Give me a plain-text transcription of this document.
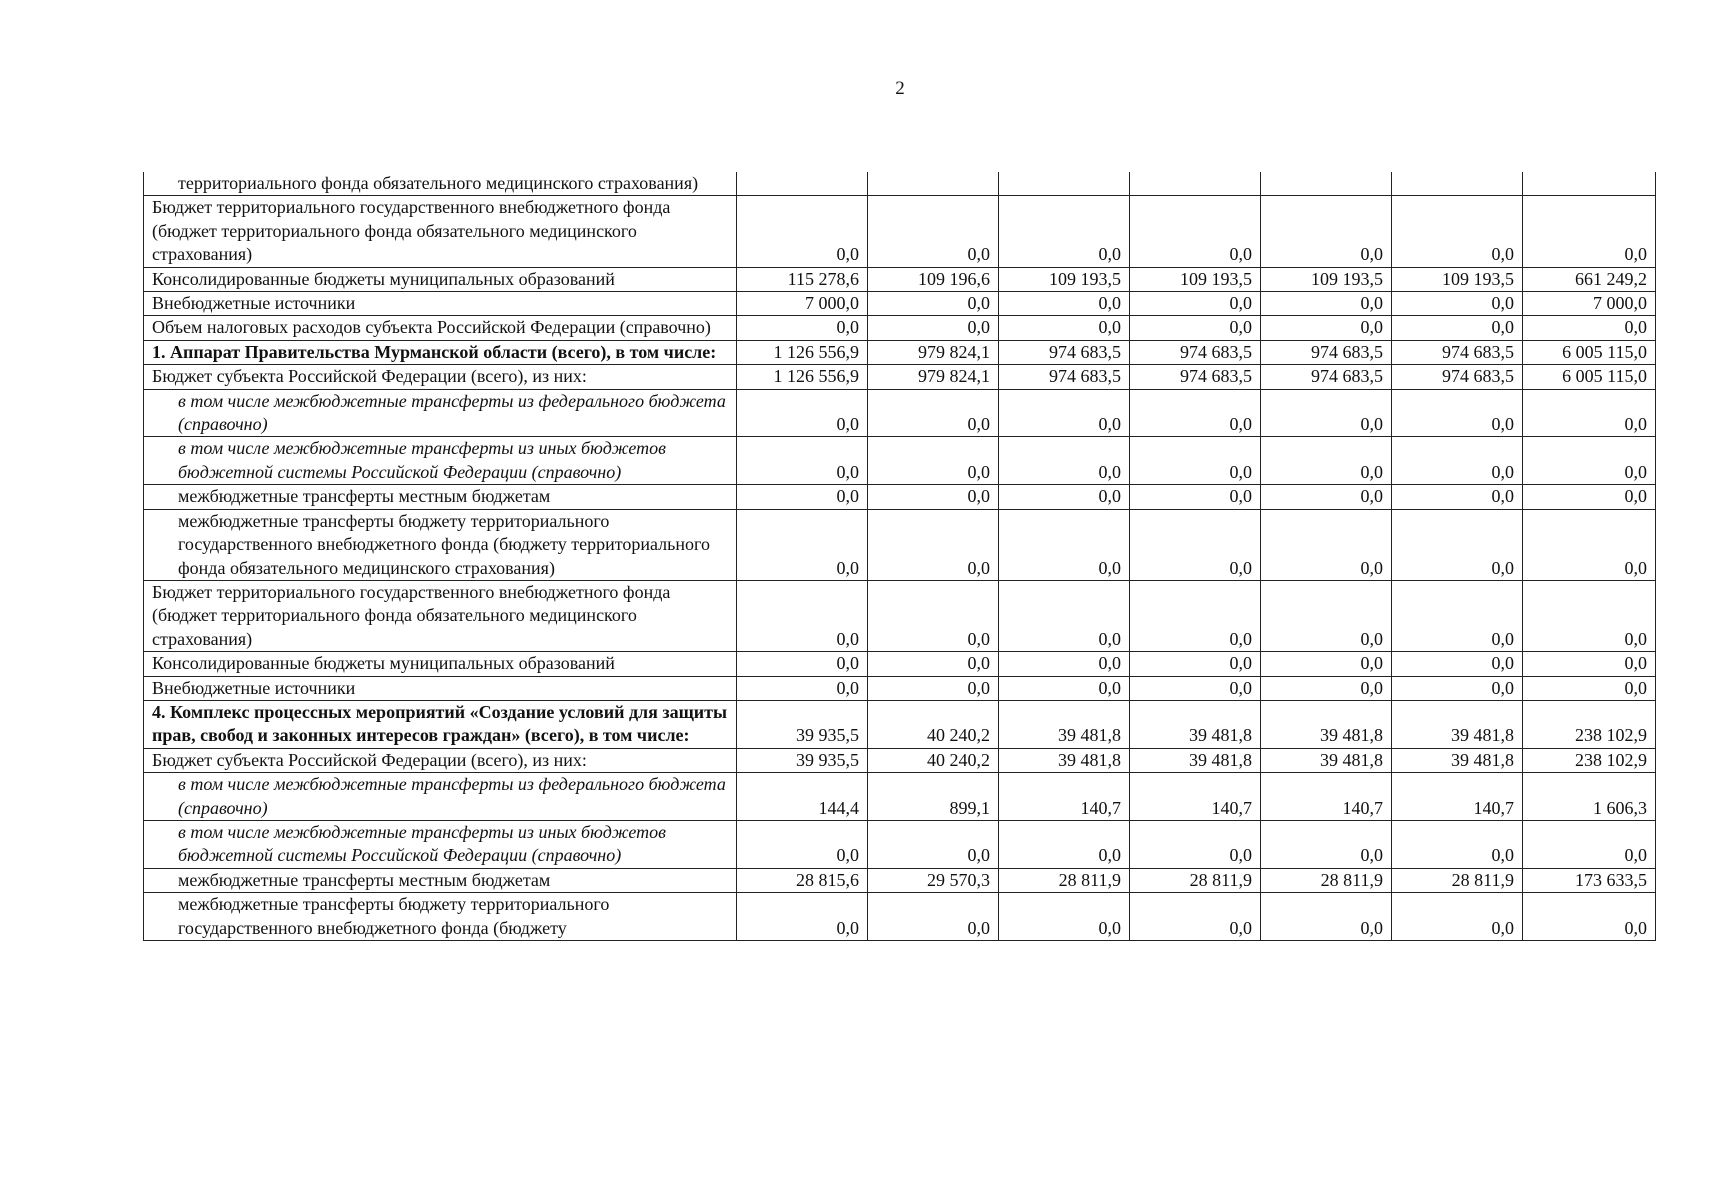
2
территориального фонда обязательного медицинского страхования)							
Бюджет территориального государственного внебюджетного фонда (бюджет территориального фонда обязательного медицинского страхования)	0,0	0,0	0,0	0,0	0,0	0,0	0,0
Консолидированные бюджеты муниципальных образований	115 278,6	109 196,6	109 193,5	109 193,5	109 193,5	109 193,5	661 249,2
Внебюджетные источники	7 000,0	0,0	0,0	0,0	0,0	0,0	7 000,0
Объем налоговых расходов субъекта Российской Федерации (справочно)	0,0	0,0	0,0	0,0	0,0	0,0	0,0
1. Аппарат Правительства Мурманской области (всего), в том числе:	1 126 556,9	979 824,1	974 683,5	974 683,5	974 683,5	974 683,5	6 005 115,0
Бюджет субъекта Российской Федерации (всего), из них:	1 126 556,9	979 824,1	974 683,5	974 683,5	974 683,5	974 683,5	6 005 115,0
в том числе межбюджетные трансферты из федерального бюджета (справочно)	0,0	0,0	0,0	0,0	0,0	0,0	0,0
в том числе межбюджетные трансферты из иных бюджетов бюджетной системы Российской Федерации (справочно)	0,0	0,0	0,0	0,0	0,0	0,0	0,0
межбюджетные трансферты местным бюджетам	0,0	0,0	0,0	0,0	0,0	0,0	0,0
межбюджетные трансферты бюджету территориального государственного внебюджетного фонда (бюджету территориального фонда обязательного медицинского страхования)	0,0	0,0	0,0	0,0	0,0	0,0	0,0
Бюджет территориального государственного внебюджетного фонда (бюджет территориального фонда обязательного медицинского страхования)	0,0	0,0	0,0	0,0	0,0	0,0	0,0
Консолидированные бюджеты муниципальных образований	0,0	0,0	0,0	0,0	0,0	0,0	0,0
Внебюджетные источники	0,0	0,0	0,0	0,0	0,0	0,0	0,0
4. Комплекс процессных мероприятий «Создание условий для защиты прав, свобод и законных интересов граждан» (всего), в том числе:	39 935,5	40 240,2	39 481,8	39 481,8	39 481,8	39 481,8	238 102,9
Бюджет субъекта Российской Федерации (всего), из них:	39 935,5	40 240,2	39 481,8	39 481,8	39 481,8	39 481,8	238 102,9
в том числе межбюджетные трансферты из федерального бюджета (справочно)	144,4	899,1	140,7	140,7	140,7	140,7	1 606,3
в том числе межбюджетные трансферты из иных бюджетов бюджетной системы Российской Федерации (справочно)	0,0	0,0	0,0	0,0	0,0	0,0	0,0
межбюджетные трансферты местным бюджетам	28 815,6	29 570,3	28 811,9	28 811,9	28 811,9	28 811,9	173 633,5
межбюджетные трансферты бюджету территориального государственного внебюджетного фонда (бюджету	0,0	0,0	0,0	0,0	0,0	0,0	0,0
